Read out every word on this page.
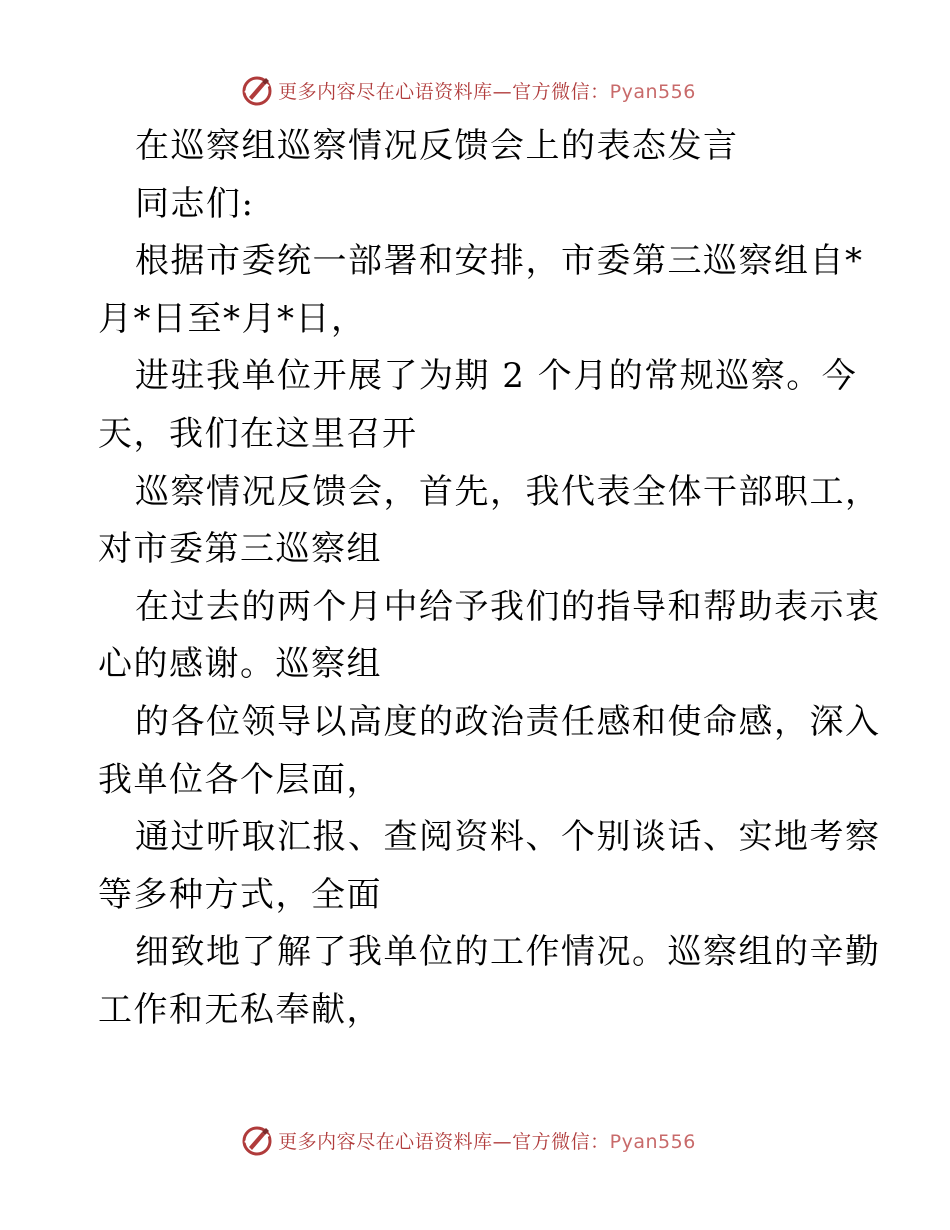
更多内容尽在心语资料库—官方微信：Pyan556
在巡察组巡察情况反馈会上的表态发言
同志们:
根据市委统一部署和安排，市委第三巡察组自*
月*日至*月*日，
进驻我单位开展了为期 2 个月的常规巡察。今
天，我们在这里召开
巡察情况反馈会，首先，我代表全体干部职工，
对市委第三巡察组
在过去的两个月中给予我们的指导和帮助表示衷
心的感谢。巡察组
的各位领导以高度的政治责任感和使命感，深入
我单位各个层面，
通过听取汇报、查阅资料、个别谈话、实地考察
等多种方式，全面
细致地了解了我单位的工作情况。巡察组的辛勤
工作和无私奉献，
更多内容尽在心语资料库—官方微信：Pyan556
